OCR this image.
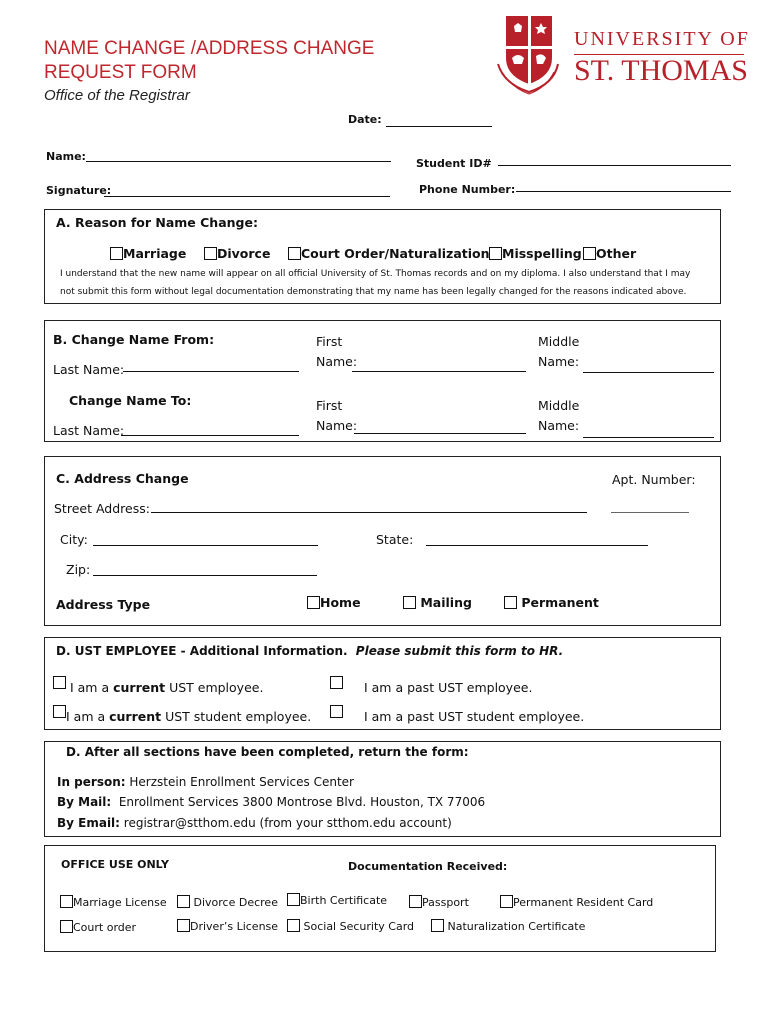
NAME CHANGE /ADDRESS CHANGE
REQUEST FORM
Office of the Registrar
UNIVERSITY OF
ST. THOMAS
Date:
Name:
Student ID#
Signature:	Phone Number:
A. Reason for Name Change:
Marriage	Divorce	Court Order/Naturalization	Misspelling	Other
I understand that the new name will appear on all official University of St. Thomas records and on my diploma. I also understand that I may
not submit this form without legal documentation demonstrating that my name has been legally changed for the reasons indicated above.
B. Change Name From:
Last Name:
First
Name:
Middle
Name:
Change Name To:
Last Name:
First
Name:
Middle
Name:
C. Address Change	Apt. Number:
Street Address:
City:	State:
Zip:
Address Type	Home	Mailing	Permanent
D. UST EMPLOYEE - Additional Information. Please submit this form to HR.
I am a current UST employee.	I am a past UST employee.
I am a current UST student employee.	I am a past UST student employee.
D. After all sections have been completed, return the form:
In person: Herzstein Enrollment Services Center
By Mail:  Enrollment Services 3800 Montrose Blvd. Houston, TX 77006
By Email: registrar@stthom.edu (from your stthom.edu account)
OFFICE USE ONLY	Documentation Received:
Marriage License	Divorce Decree	Birth Certificate	Passport	Permanent Resident Card
Court order	Driver’s License	Social Security Card	Naturalization Certificate
